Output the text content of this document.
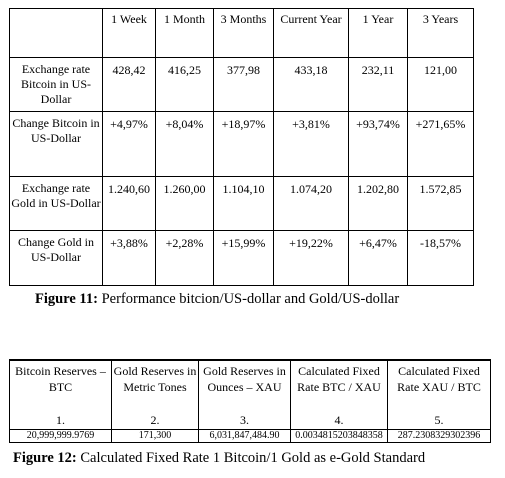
	1 Week	1 Month	3 Months	Current Year	1 Year	3 Years
Exchange rate Bitcoin in US-Dollar	428,42	416,25	377,98	433,18	232,11	121,00
Change Bitcoin in US-Dollar	+4,97%	+8,04%	+18,97%	+3,81%	+93,74%	+271,65%
Exchange rate Gold in US-Dollar	1.240,60	1.260,00	1.104,10	1.074,20	1.202,80	1.572,85
Change Gold in US-Dollar	+3,88%	+2,28%	+15,99%	+19,22%	+6,47%	-18,57%
Figure 11: Performance bitcion/US-dollar and Gold/US-dollar
Bitcoin Reserves – BTC	Gold Reserves in Metric Tones	Gold Reserves in Ounces – XAU	Calculated Fixed Rate BTC / XAU	Calculated Fixed Rate XAU / BTC
1.	2.	3.	4.	5.
20,999,999.9769	171,300	6,031,847,484.90	0.0034815203848358	287.2308329302396
Figure 12: Calculated Fixed Rate 1 Bitcoin/1 Gold as e-Gold Standard
